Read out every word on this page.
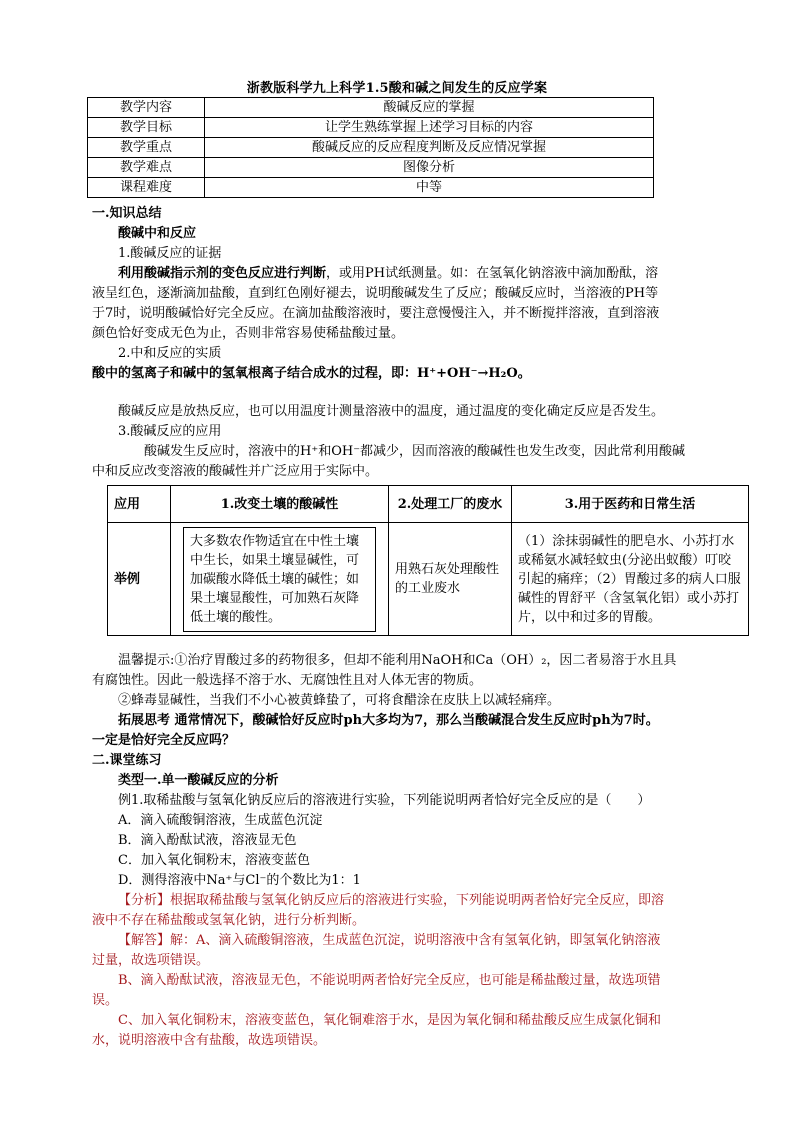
浙教版科学九上科学1.5酸和碱之间发生的反应学案
教学内容	酸碱反应的掌握
教学目标	让学生熟练掌握上述学习目标的内容
教学重点	酸碱反应的反应程度判断及反应情况掌握
教学难点	图像分析
课程难度	中等
一.知识总结
酸碱中和反应
1.酸碱反应的证据
利用酸碱指示剂的变色反应进行判断，或用PH试纸测量。如：在氢氧化钠溶液中滴加酚酞，溶
液呈红色，逐渐滴加盐酸，直到红色刚好褪去，说明酸碱发生了反应；酸碱反应时，当溶液的PH等
于7时，说明酸碱恰好完全反应。在滴加盐酸溶液时，要注意慢慢注入，并不断搅拌溶液，直到溶液
颜色恰好变成无色为止，否则非常容易使稀盐酸过量。
2.中和反应的实质
酸中的氢离子和碱中的氢氧根离子结合成水的过程，即：H⁺+OH⁻→H₂O。
酸碱反应是放热反应，也可以用温度计测量溶液中的温度，通过温度的变化确定反应是否发生。
3.酸碱反应的应用
酸碱发生反应时，溶液中的H⁺和OH⁻都减少，因而溶液的酸碱性也发生改变，因此常利用酸碱
中和反应改变溶液的酸碱性并广泛应用于实际中。
应用	1.改变土壤的酸碱性	2.处理工厂的废水	3.用于医药和日常生活
举例	大多数农作物适宜在中性土壤中生长，如果土壤显碱性，可加碳酸水降低土壤的碱性；如果土壤显酸性，可加熟石灰降低土壤的酸性。	用熟石灰处理酸性的工业废水	（1）涂抹弱碱性的肥皂水、小苏打水或稀氨水减轻蚊虫(分泌出蚁酸）叮咬引起的痛痒；（2）胃酸过多的病人口服碱性的胃舒平（含氢氧化铝）或小苏打片，以中和过多的胃酸。
温馨提示:①治疗胃酸过多的药物很多，但却不能利用NaOH和Ca（OH）₂，因二者易溶于水且具
有腐蚀性。因此一般选择不溶于水、无腐蚀性且对人体无害的物质。
②蜂毒显碱性，当我们不小心被黄蜂蛰了，可将食醋涂在皮肤上以减轻痛痒。
拓展思考 通常情况下，酸碱恰好反应时ph大多均为7，那么当酸碱混合发生反应时ph为7时。
一定是恰好完全反应吗？
二.课堂练习
类型一.单一酸碱反应的分析
例1.取稀盐酸与氢氧化钠反应后的溶液进行实验，下列能说明两者恰好完全反应的是（　　）
A．滴入硫酸铜溶液，生成蓝色沉淀
B．滴入酚酞试液，溶液显无色
C．加入氧化铜粉末，溶液变蓝色
D．测得溶液中Na⁺与Cl⁻的个数比为1：1
【分析】根据取稀盐酸与氢氧化钠反应后的溶液进行实验，下列能说明两者恰好完全反应，即溶
液中不存在稀盐酸或氢氧化钠，进行分析判断。
【解答】解：A、滴入硫酸铜溶液，生成蓝色沉淀，说明溶液中含有氢氧化钠，即氢氧化钠溶液
过量，故选项错误。
B、滴入酚酞试液，溶液显无色，不能说明两者恰好完全反应，也可能是稀盐酸过量，故选项错
误。
C、加入氧化铜粉末，溶液变蓝色，氧化铜难溶于水，是因为氧化铜和稀盐酸反应生成氯化铜和
水，说明溶液中含有盐酸，故选项错误。
